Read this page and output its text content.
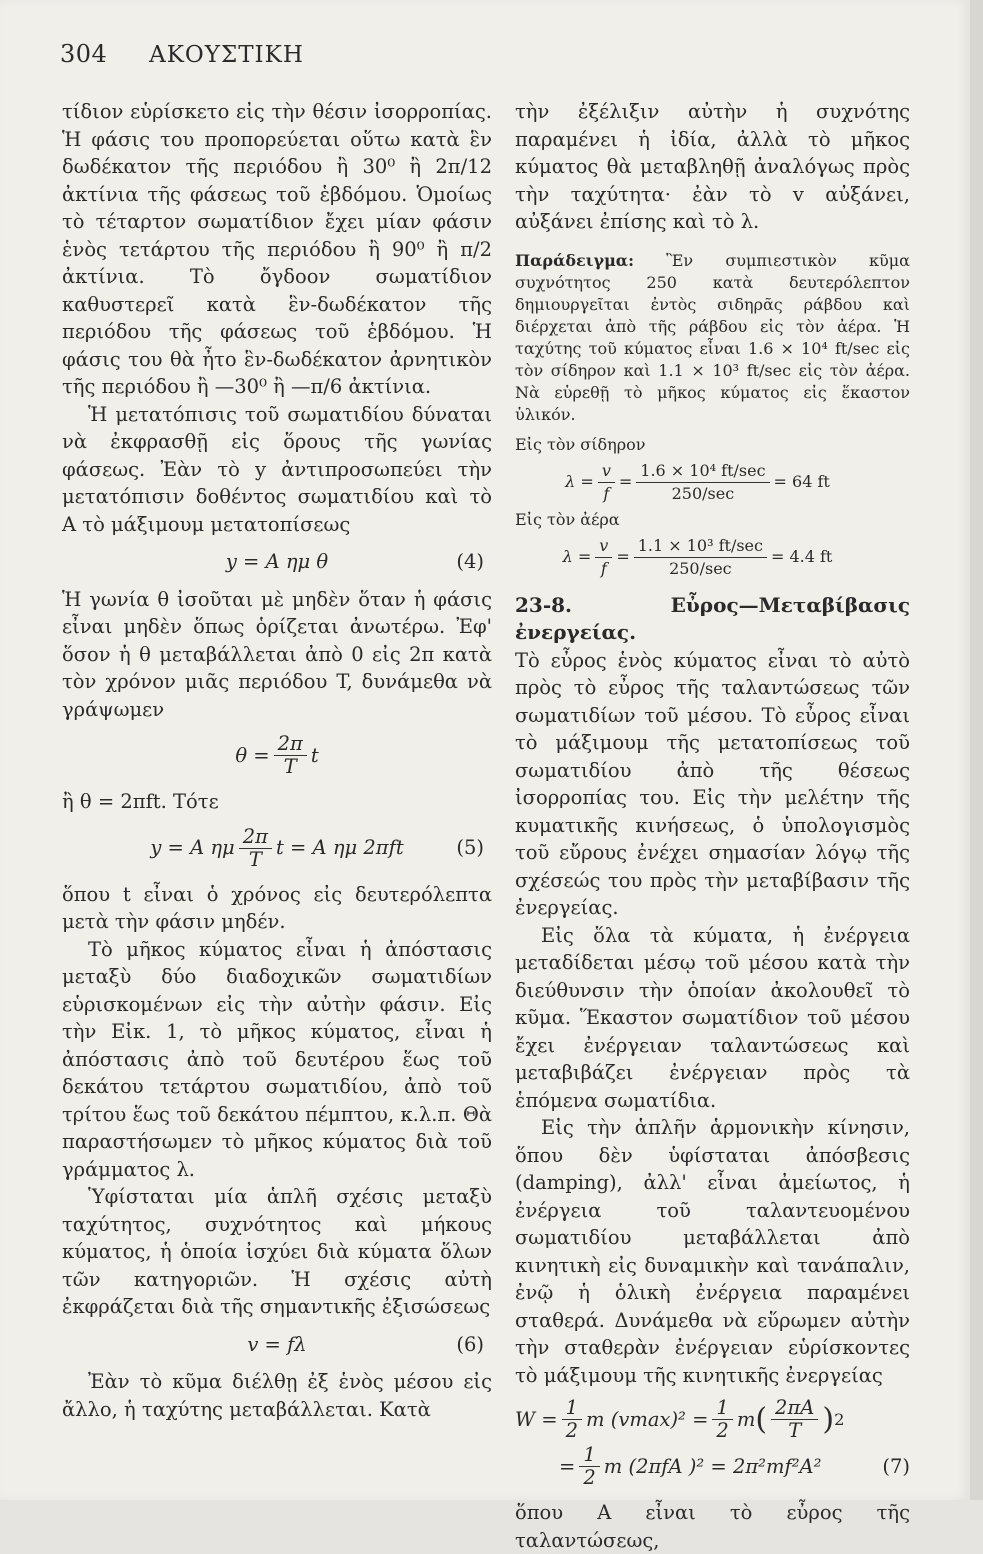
304 ΑΚΟΥΣΤΙΚΗ

τίδιον εὑρίσκετο εἰς τὴν θέσιν ἰσορροπίας. Ἡ φάσις του προπορεύεται οὕτω κατὰ ἓν δωδέκατον τῆς περιόδου ἢ 30⁰ ἢ 2π/12 ἀκτίνια τῆς φάσεως τοῦ ἑβδόμου. Ὁμοίως τὸ τέταρτον σωματίδιον ἔχει μίαν φάσιν ἑνὸς τετάρτου τῆς περιόδου ἢ 90⁰ ἢ π/2 ἀκτίνια. Τὸ ὄγδοον σωματίδιον καθυστερεῖ κατὰ ἓν-δωδέκατον τῆς περιόδου τῆς φάσεως τοῦ ἑβδόμου. Ἡ φάσις του θὰ ἦτο ἓν-δωδέκατον ἀρνητικὸν τῆς περιόδου ἢ —30⁰ ἢ —π/6 ἀκτίνια.

Ἡ μετατόπισις τοῦ σωματιδίου δύναται νὰ ἐκφρασθῇ εἰς ὅρους τῆς γωνίας φάσεως. Ἐὰν τὸ y ἀντιπροσωπεύει τὴν μετατόπισιν δοθέντος σωματιδίου καὶ τὸ Α τὸ μάξιμουμ μετατοπίσεως

y = A ημ θ	(4)

Ἡ γωνία θ ἰσοῦται μὲ μηδὲν ὅταν ἡ φάσις εἶναι μηδὲν ὅπως ὁρίζεται ἀνωτέρω. Ἐφ' ὅσον ἡ θ μεταβάλλεται ἀπὸ 0 εἰς 2π κατὰ τὸν χρόνον μιᾶς περιόδου T, δυνάμεθα νὰ γράψωμεν

$\theta = \frac{2\pi}{T}$ t

ἢ θ = 2πft. Τότε

y = A ημ $\frac{2\pi}{T}$ t = A ημ 2πft	(5)

ὅπου t εἶναι ὁ χρόνος εἰς δευτερόλεπτα μετὰ τὴν φάσιν μηδέν.

Τὸ μῆκος κύματος εἶναι ἡ ἀπόστασις μεταξὺ δύο διαδοχικῶν σωματιδίων εὑρισκομένων εἰς τὴν αὐτὴν φάσιν. Εἰς τὴν Εἰκ. 1, τὸ μῆκος κύματος, εἶναι ἡ ἀπόστασις ἀπὸ τοῦ δευτέρου ἕως τοῦ δεκάτου τετάρτου σωματιδίου, ἀπὸ τοῦ τρίτου ἕως τοῦ δεκάτου πέμπτου, κ.λ.π. Θὰ παραστήσωμεν τὸ μῆκος κύματος διὰ τοῦ γράμματος λ.

Ὑφίσταται μία ἁπλῆ σχέσις μεταξὺ ταχύτητος, συχνότητος καὶ μήκους κύματος, ἡ ὁποία ἰσχύει διὰ κύματα ὅλων τῶν κατηγοριῶν. Ἡ σχέσις αὐτὴ ἐκφράζεται διὰ τῆς σημαντικῆς ἐξισώσεως

v = fλ	(6)

Ἐὰν τὸ κῦμα διέλθῃ ἐξ ἑνὸς μέσου εἰς ἄλλο, ἡ ταχύτης μεταβάλλεται. Κατὰ

τὴν ἐξέλιξιν αὐτὴν ἡ συχνότης παραμένει ἡ ἰδία, ἀλλὰ τὸ μῆκος κύματος θὰ μεταβληθῇ ἀναλόγως πρὸς τὴν ταχύτητα· ἐὰν τὸ v αὐξάνει, αὐξάνει ἐπίσης καὶ τὸ λ.

Παράδειγμα: Ἓν συμπιεστικὸν κῦμα συχνότητος 250 κατὰ δευτερόλεπτον δημιουργεῖται ἐντὸς σιδηρᾶς ράβδου καὶ διέρχεται ἀπὸ τῆς ράβδου εἰς τὸν ἀέρα. Ἡ ταχύτης τοῦ κύματος εἶναι 1.6 × 10⁴ ft/sec εἰς τὸν σίδηρον καὶ 1.1 × 10³ ft/sec εἰς τὸν ἀέρα. Νὰ εὑρεθῇ τὸ μῆκος κύματος εἰς ἕκαστον ὑλικόν.

Εἰς τὸν σίδηρον

$\lambda = \frac{v}{f} = \frac{\text{1.6 × 10⁴ ft/sec}}{250/\sec} = 64$ ft

Εἰς τὸν ἀέρα

$\lambda = \frac{v}{f} = \frac{\text{1.1 × 10³ ft/sec}}{250/\sec} = 4.4$ ft

23-8. Εὖρος—Μεταβίβασις ἐνεργείας.

Τὸ εὖρος ἑνὸς κύματος εἶναι τὸ αὐτὸ πρὸς τὸ εὖρος τῆς ταλαντώσεως τῶν σωματιδίων τοῦ μέσου. Τὸ εὖρος εἶναι τὸ μάξιμουμ τῆς μετατοπίσεως τοῦ σωματιδίου ἀπὸ τῆς θέσεως ἰσορροπίας του. Εἰς τὴν μελέτην τῆς κυματικῆς κινήσεως, ὁ ὑπολογισμὸς τοῦ εὔρους ἐνέχει σημασίαν λόγῳ τῆς σχέσεώς του πρὸς τὴν μεταβίβασιν τῆς ἐνεργείας.

Εἰς ὅλα τὰ κύματα, ἡ ἐνέργεια μεταδίδεται μέσῳ τοῦ μέσου κατὰ τὴν διεύθυνσιν τὴν ὁποίαν ἀκολουθεῖ τὸ κῦμα. Ἕκαστον σωματίδιον τοῦ μέσου ἔχει ἐνέργειαν ταλαντώσεως καὶ μεταβιβάζει ἐνέργειαν πρὸς τὰ ἑπόμενα σωματίδια.

Εἰς τὴν ἁπλῆν ἁρμονικὴν κίνησιν, ὅπου δὲν ὑφίσταται ἀπόσβεσις (damping), ἀλλ' εἶναι ἀμείωτος, ἡ ἐνέργεια τοῦ ταλαντευομένου σωματιδίου μεταβάλλεται ἀπὸ κινητικὴ εἰς δυναμικὴν καὶ τανάπαλιν, ἐνῷ ἡ ὁλικὴ ἐνέργεια παραμένει σταθερά. Δυνάμεθα νὰ εὕρωμεν αὐτὴν τὴν σταθερὰν ἐνέργειαν εὑρίσκοντες τὸ μάξιμουμ τῆς κινητικῆς ἐνεργείας

$W = \frac{1}{2}$ m $(vmax)^2 = \frac{1}{2}$ m ( $\frac{2\pi A}{T}$ ) 2
= $\frac{1}{2}$ m (2πfA )² = 2π²mf²A²	(7)

ὅπου A εἶναι τὸ εὖρος τῆς ταλαντώσεως,
